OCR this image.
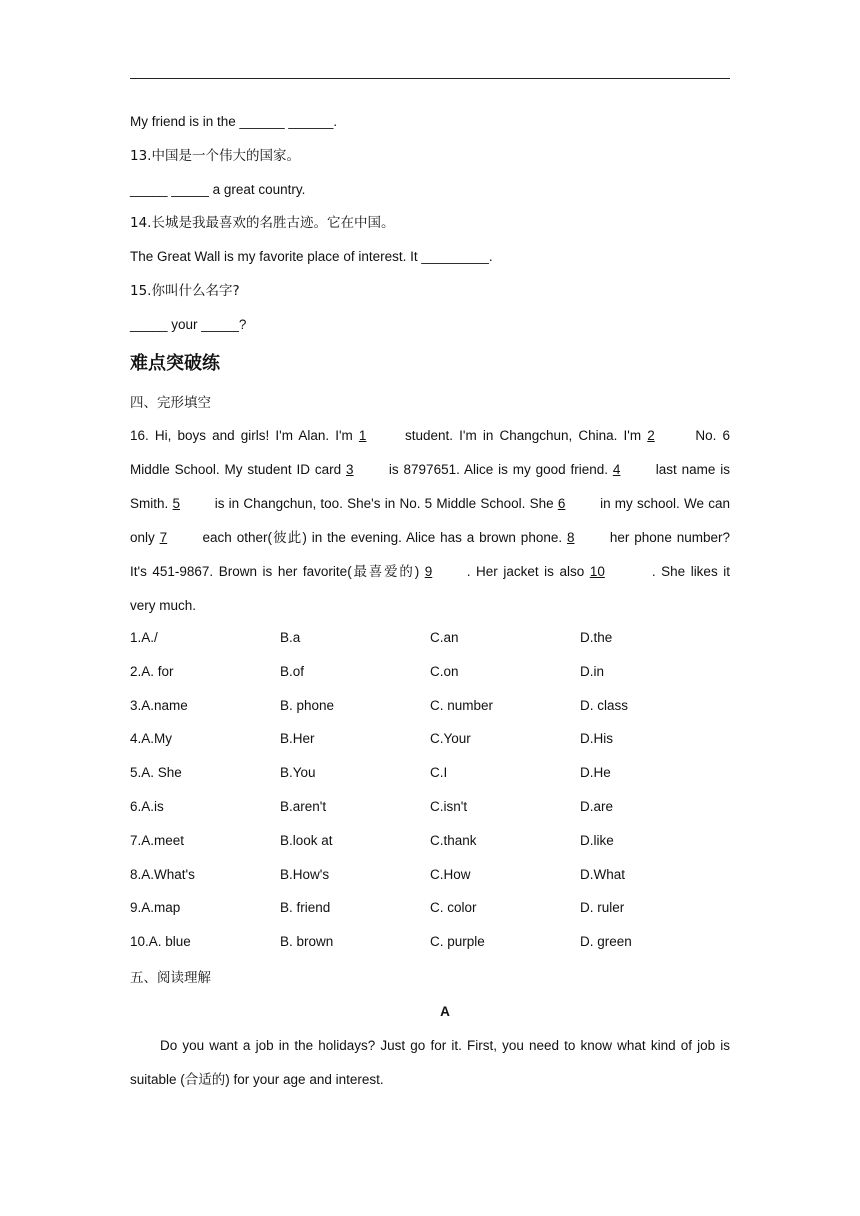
My friend is in the ______ ______.
13.中国是一个伟大的国家。
_____ _____ a great country.
14.长城是我最喜欢的名胜古迹。它在中国。
The Great Wall is my favorite place of interest. It _________.
15.你叫什么名字?
_____ your _____?
难点突破练
四、完形填空
16. Hi, boys and girls! I'm Alan. I'm 1 student. I'm in Changchun, China. I'm 2	No. 6
Middle School. My student ID card 3 is 8797651. Alice is my good friend. 4 last name is
Smith. 5 is in Changchun, too. She's in No. 5 Middle School. She 6 in my school. We can
only 7 each other(彼此) in the evening. Alice has a brown phone. 8 her phone number?
It's 451-9867. Brown is her favorite(最喜爱的) 9	. Her jacket is also 10	. She likes it
very much.
1.A./	B.a	C.an	D.the
2.A. for	B.of	C.on	D.in
3.A.name	B. phone	C. number	D. class
4.A.My	B.Her	C.Your	D.His
5.A. She	B.You	C.I	D.He
6.A.is	B.aren't	C.isn't	D.are
7.A.meet	B.look at	C.thank	D.like
8.A.What's	B.How's	C.How	D.What
9.A.map	B. friend	C. color	D. ruler
10.A. blue	B. brown	C. purple	D. green
五、阅读理解
A
Do you want a job in the holidays? Just go for it. First, you need to know what kind of job is
suitable (合适的) for your age and interest.
